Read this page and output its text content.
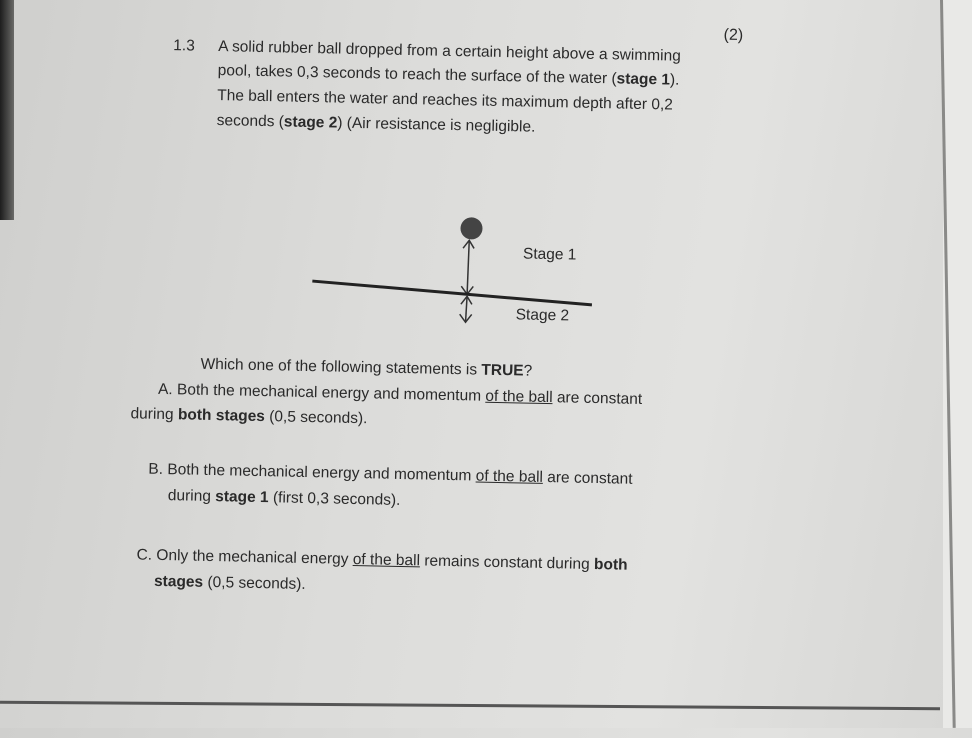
(2)
1.3 A solid rubber ball dropped from a certain height above a swimming
pool, takes 0,3 seconds to reach the surface of the water (stage 1).
The ball enters the water and reaches its maximum depth after 0,2
seconds (stage 2) (Air resistance is negligible.
Stage 1
Stage 2
Which one of the following statements is TRUE?
A. Both the mechanical energy and momentum of the ball are constant
during both stages (0,5 seconds).
B. Both the mechanical energy and momentum of the ball are constant
during stage 1 (first 0,3 seconds).
C. Only the mechanical energy of the ball remains constant during both
stages (0,5 seconds).
